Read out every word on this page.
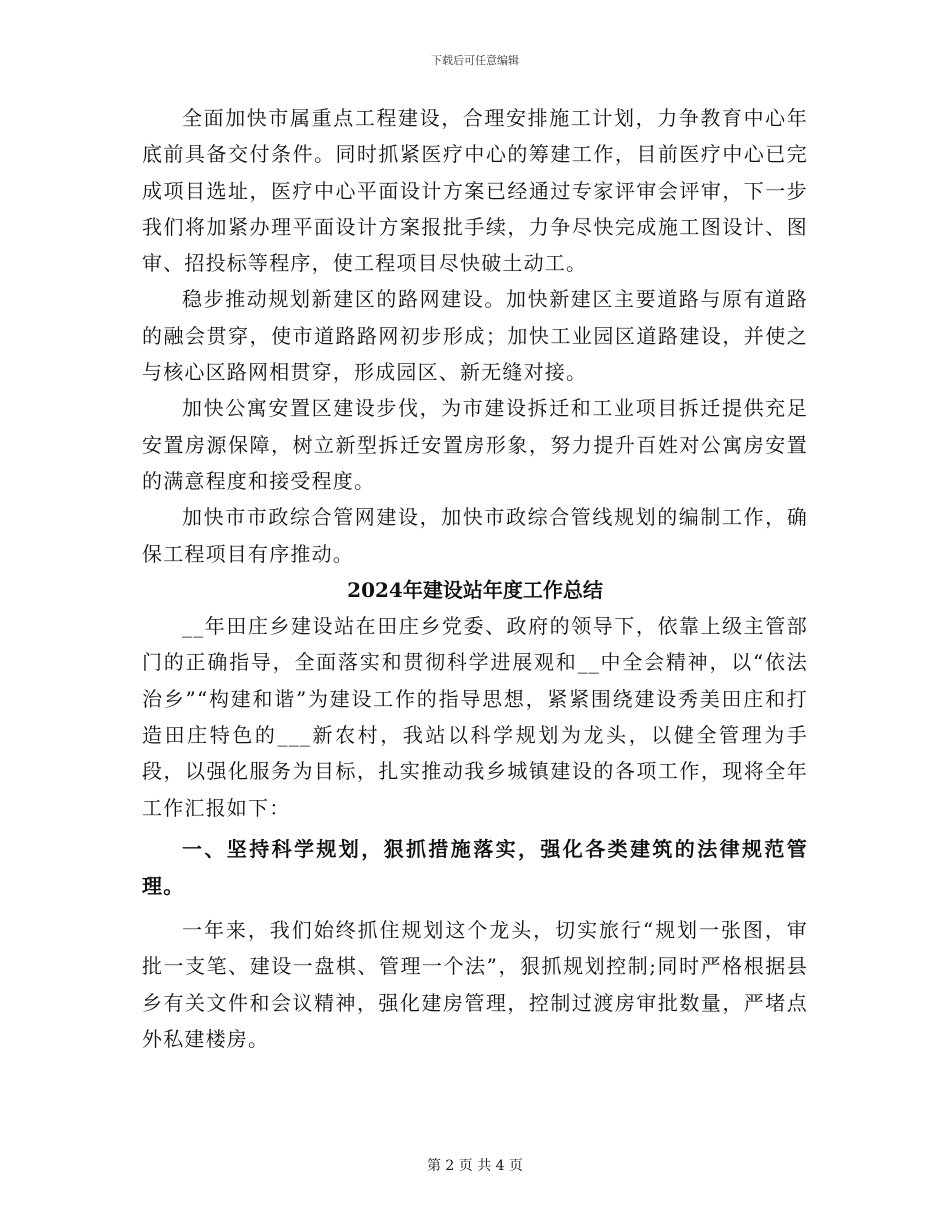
下载后可任意编辑

全面加快市属重点工程建设，合理安排施工计划，力争教育中心年底前具备交付条件。同时抓紧医疗中心的筹建工作，目前医疗中心已完成项目选址，医疗中心平面设计方案已经通过专家评审会评审，下一步我们将加紧办理平面设计方案报批手续，力争尽快完成施工图设计、图审、招投标等程序，使工程项目尽快破土动工。

稳步推动规划新建区的路网建设。加快新建区主要道路与原有道路的融会贯穿，使市道路路网初步形成；加快工业园区道路建设，并使之与核心区路网相贯穿，形成园区、新无缝对接。

加快公寓安置区建设步伐，为市建设拆迁和工业项目拆迁提供充足安置房源保障，树立新型拆迁安置房形象，努力提升百姓对公寓房安置的满意程度和接受程度。

加快市市政综合管网建设，加快市政综合管线规划的编制工作，确保工程项目有序推动。

2024年建设站年度工作总结

__年田庄乡建设站在田庄乡党委、政府的领导下，依靠上级主管部门的正确指导，全面落实和贯彻科学进展观和__中全会精神，以“依法治乡”“构建和谐”为建设工作的指导思想，紧紧围绕建设秀美田庄和打造田庄特色的___新农村，我站以科学规划为龙头，以健全管理为手段，以强化服务为目标，扎实推动我乡城镇建设的各项工作，现将全年工作汇报如下：

一、坚持科学规划，狠抓措施落实，强化各类建筑的法律规范管理。

一年来，我们始终抓住规划这个龙头，切实旅行“规划一张图，审批一支笔、建设一盘棋、管理一个法”，狠抓规划控制;同时严格根据县乡有关文件和会议精神，强化建房管理，控制过渡房审批数量，严堵点外私建楼房。

第 2 页 共 4 页
